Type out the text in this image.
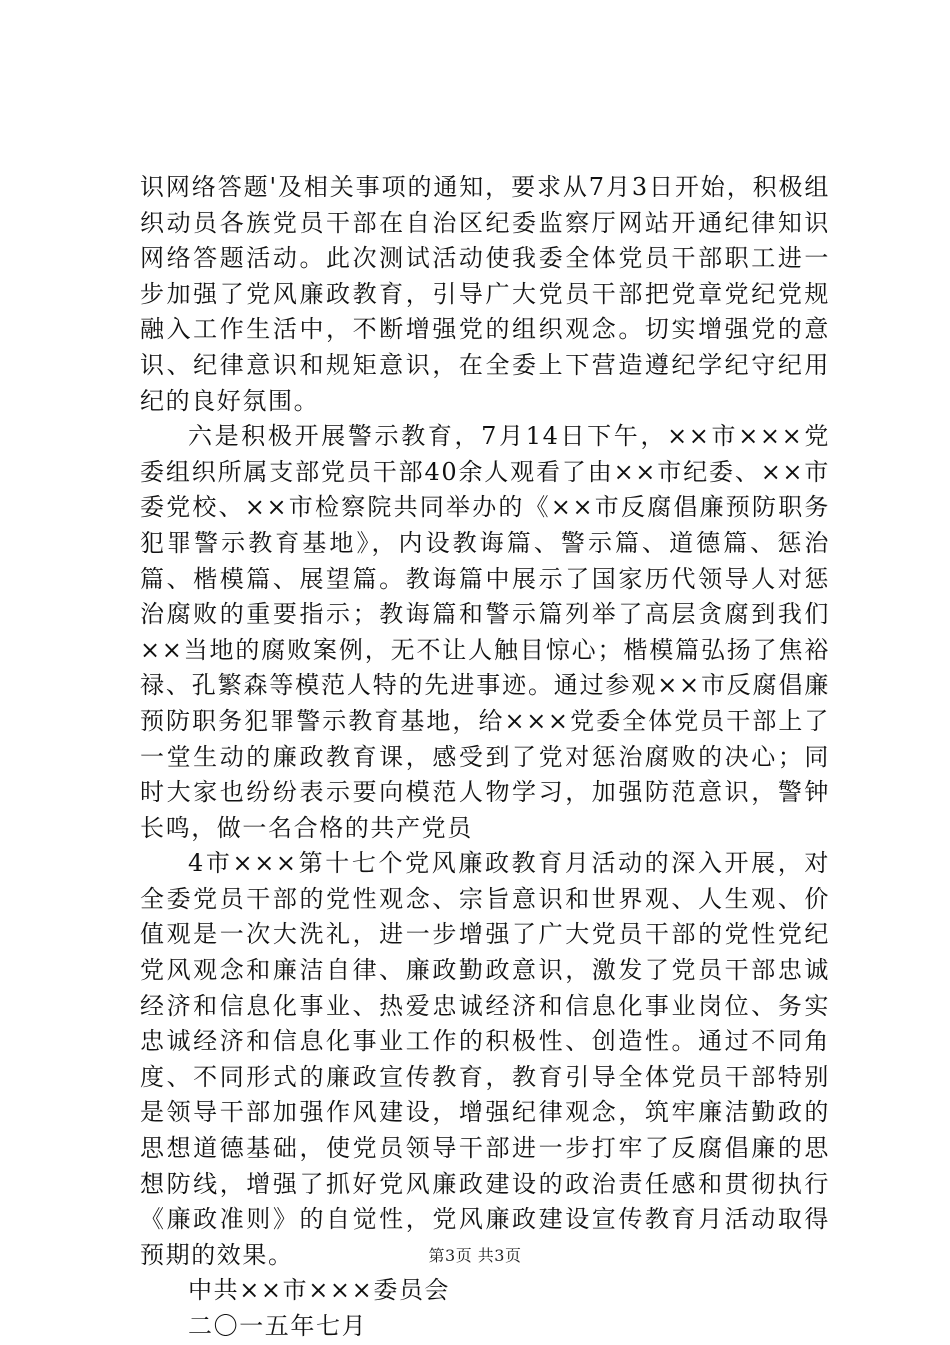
识网络答题'及相关事项的通知，要求从7月3日开始，积极组织动员各族党员干部在自治区纪委监察厅网站开通纪律知识网络答题活动。此次测试活动使我委全体党员干部职工进一步加强了党风廉政教育，引导广大党员干部把党章党纪党规融入工作生活中，不断增强党的组织观念。切实增强党的意识、纪律意识和规矩意识，在全委上下营造遵纪学纪守纪用纪的良好氛围。

六是积极开展警示教育，7月14日下午，××市×××党委组织所属支部党员干部40余人观看了由××市纪委、××市委党校、××市检察院共同举办的《××市反腐倡廉预防职务犯罪警示教育基地》，内设教诲篇、警示篇、道德篇、惩治篇、楷模篇、展望篇。教诲篇中展示了国家历代领导人对惩治腐败的重要指示；教诲篇和警示篇列举了高层贪腐到我们××当地的腐败案例，无不让人触目惊心；楷模篇弘扬了焦裕禄、孔繁森等模范人特的先进事迹。通过参观××市反腐倡廉预防职务犯罪警示教育基地，给×××党委全体党员干部上了一堂生动的廉政教育课，感受到了党对惩治腐败的决心；同时大家也纷纷表示要向模范人物学习，加强防范意识，警钟长鸣，做一名合格的共产党员

4市×××第十七个党风廉政教育月活动的深入开展，对全委党员干部的党性观念、宗旨意识和世界观、人生观、价值观是一次大洗礼，进一步增强了广大党员干部的党性党纪党风观念和廉洁自律、廉政勤政意识，激发了党员干部忠诚经济和信息化事业、热爱忠诚经济和信息化事业岗位、务实忠诚经济和信息化事业工作的积极性、创造性。通过不同角度、不同形式的廉政宣传教育，教育引导全体党员干部特别是领导干部加强作风建设，增强纪律观念，筑牢廉洁勤政的思想道德基础，使党员领导干部进一步打牢了反腐倡廉的思想防线，增强了抓好党风廉政建设的政治责任感和贯彻执行《廉政准则》的自觉性，党风廉政建设宣传教育月活动取得预期的效果。

中共××市×××委员会

二〇一五年七月

第3页 共3页
